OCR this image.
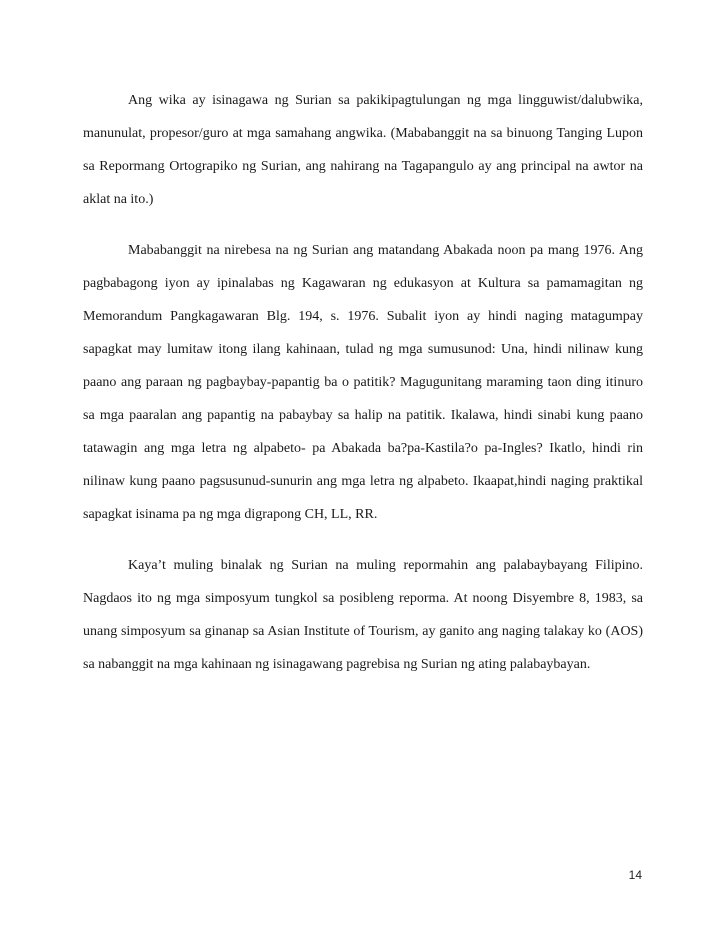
Ang wika ay isinagawa ng Surian sa pakikipagtulungan ng mga lingguwist/dalubwika, manunulat, propesor/guro at mga samahang angwika. (Mababanggit na sa binuong Tanging Lupon sa Repormang Ortograpiko ng Surian, ang nahirang na Tagapangulo ay ang principal na awtor na aklat na ito.)

Mababanggit na nirebesa na ng Surian ang matandang Abakada noon pa mang 1976. Ang pagbabagong iyon ay ipinalabas ng Kagawaran ng edukasyon at Kultura sa pamamagitan ng Memorandum Pangkagawaran Blg. 194, s. 1976. Subalit iyon ay hindi naging matagumpay sapagkat may lumitaw itong ilang kahinaan, tulad ng mga sumusunod: Una, hindi nilinaw kung paano ang paraan ng pagbaybay-papantig ba o patitik? Magugunitang maraming taon ding itinuro sa mga paaralan ang papantig na pabaybay sa halip na patitik. Ikalawa, hindi sinabi kung paano tatawagin ang mga letra ng alpabeto- pa Abakada ba?pa-Kastila?o pa-Ingles? Ikatlo, hindi rin nilinaw kung paano pagsusunud-sunurin ang mga letra ng alpabeto. Ikaapat,hindi naging praktikal sapagkat isinama pa ng mga digrapong CH, LL, RR.

Kaya’t muling binalak ng Surian na muling repormahin ang palabaybayang Filipino. Nagdaos ito ng mga simposyum tungkol sa posibleng reporma. At noong Disyembre 8, 1983, sa unang simposyum sa ginanap sa Asian Institute of Tourism, ay ganito ang naging talakay ko (AOS) sa nabanggit na mga kahinaan ng isinagawang pagrebisa ng Surian ng ating palabaybayan.

14
